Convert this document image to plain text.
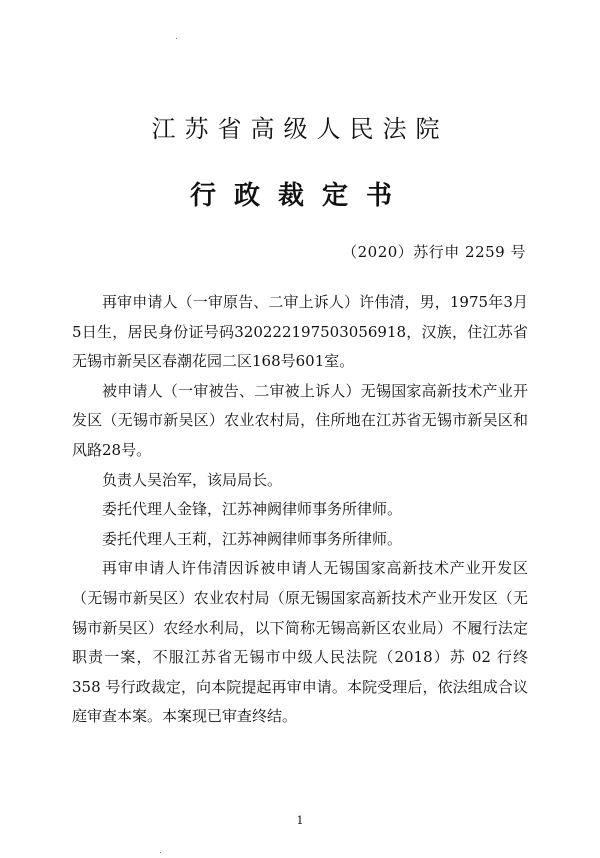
江苏省高级人民法院
行政裁定书
（2020）苏行申 2259 号

再审申请人（一审原告、二审上诉人）许伟清，男，1975年3月5日生，居民身份证号码320222197503056918，汉族，住江苏省无锡市新吴区春潮花园二区168号601室。

被申请人（一审被告、二审被上诉人）无锡国家高新技术产业开发区（无锡市新吴区）农业农村局，住所地在江苏省无锡市新吴区和风路28号。

负责人吴治军，该局局长。

委托代理人金锋，江苏神阙律师事务所律师。

委托代理人王莉，江苏神阙律师事务所律师。

再审申请人许伟清因诉被申请人无锡国家高新技术产业开发区（无锡市新吴区）农业农村局（原无锡国家高新技术产业开发区（无锡市新吴区）农经水利局，以下简称无锡高新区农业局）不履行法定职责一案，不服江苏省无锡市中级人民法院（2018）苏 02 行终 358 号行政裁定，向本院提起再审申请。本院受理后，依法组成合议庭审查本案。本案现已审查终结。

1
